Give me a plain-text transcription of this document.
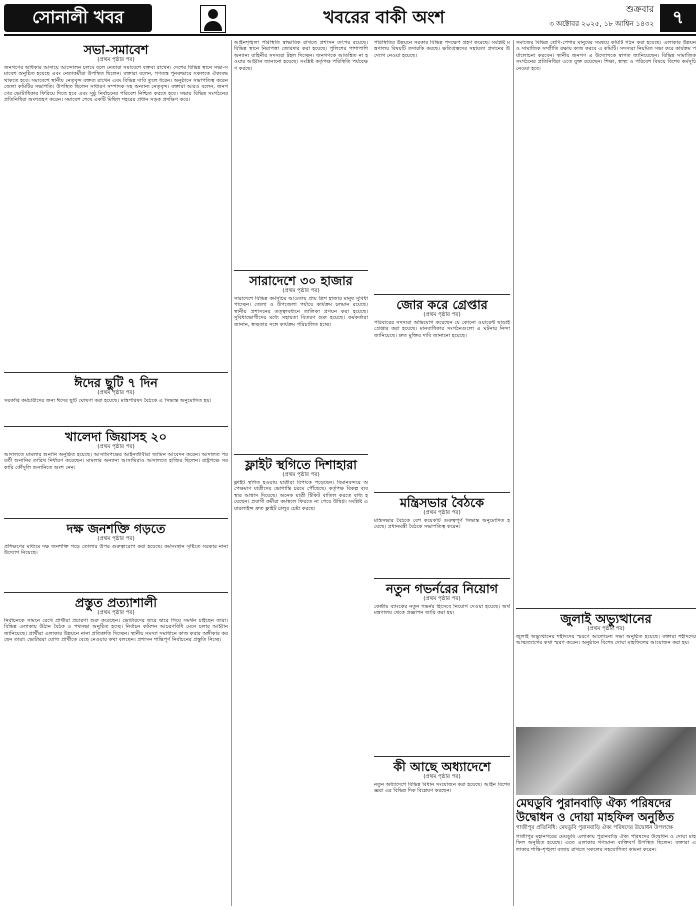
সোনালী খবর	খবরের বাকী অংশ	শুক্রবার
৩ অক্টোবর ২০২৫, ১৮ আশ্বিন ১৪৩২	৭
সভা-সমাবেশ
(প্রথম পৃষ্ঠার পর)

জনগণের অধিকার আদায়ে আন্দোলন চলবে বলে নেতারা সমাবেশে বক্তব্য রাখেন। দেশের বিভিন্ন স্থানে সভা-সমাবেশ অনুষ্ঠিত হয়েছে এবং নেতাকর্মীরা উপস্থিত ছিলেন। বক্তারা বলেন, গণতন্ত্র পুনরুদ্ধারে সকলকে ঐক্যবদ্ধ থাকতে হবে। সমাবেশে স্থানীয় নেতৃবৃন্দ বক্তব্য রাখেন এবং বিভিন্ন দাবি তুলে ধরেন। অনুষ্ঠানে সভাপতিত্ব করেন জেলা কমিটির সভাপতি। উপস্থিত ছিলেন সাধারণ সম্পাদক সহ অন্যান্য নেতৃবৃন্দ। বক্তারা আরও বলেন, জনগণের ভোটাধিকার ফিরিয়ে দিতে হবে এবং সুষ্ঠু নির্বাচনের পরিবেশ নিশ্চিত করতে হবে। সভায় বিভিন্ন সংগঠনের প্রতিনিধিরা অংশগ্রহণ করেন। সমাবেশ শেষে একটি মিছিল শহরের প্রধান সড়ক প্রদক্ষিণ করে।

ঈদের ছুটি ৭ দিন
(প্রথম পৃষ্ঠার পর)

সরকারি কর্মচারীদের জন্য ঈদের ছুটি ঘোষণা করা হয়েছে। মন্ত্রিপরিষদ বৈঠকে এ সিদ্ধান্ত অনুমোদিত হয়।

খালেদা জিয়াসহ ২০
(প্রথম পৃষ্ঠার পর)

আদালতে মামলার শুনানি অনুষ্ঠিত হয়েছে। আসামিপক্ষের আইনজীবীরা জামিন আবেদন করেন। আদালত পরবর্তী শুনানির তারিখ নির্ধারণ করেছেন। মামলার অন্যান্য আসামিরাও আদালতে হাজির ছিলেন। রাষ্ট্রপক্ষে সরকারি কৌঁসুলি শুনানিতে অংশ নেন।

দক্ষ জনশক্তি গড়তে
(প্রথম পৃষ্ঠার পর)

প্রশিক্ষণের মাধ্যমে দক্ষ জনশক্তি গড়ে তোলার উপর গুরুত্বারোপ করা হয়েছে। কর্মসংস্থান সৃষ্টিতে সরকার নানা উদ্যোগ নিয়েছে।

প্রস্তুত প্রত্যাশালী
(প্রথম পৃষ্ঠার পর)

নির্বাচনকে সামনে রেখে প্রার্থীরা প্রচারণা শুরু করেছেন। ভোটারদের দ্বারে দ্বারে গিয়ে সমর্থন চাইছেন তারা। বিভিন্ন এলাকায় উঠান বৈঠক ও পথসভা অনুষ্ঠিত হচ্ছে। নির্বাচন কমিশন আচরণবিধি মেনে চলার আহ্বান জানিয়েছে। প্রার্থীরা এলাকার উন্নয়নে নানা প্রতিশ্রুতি দিচ্ছেন। স্থানীয় সমস্যা সমাধানে কাজ করার অঙ্গীকার করছেন তারা। ভোটাররা যোগ্য প্রার্থীকে বেছে নেওয়ার কথা বলছেন। প্রশাসন শান্তিপূর্ণ নির্বাচনের প্রস্তুতি নিচ্ছে।

আইনশৃঙ্খলা পরিস্থিতি স্বাভাবিক রাখতে প্রশাসন তৎপর রয়েছে। বিভিন্ন স্থানে নিরাপত্তা জোরদার করা হয়েছে। পুলিশের পাশাপাশি অন্যান্য বাহিনীর সদস্যরা টহল দিচ্ছেন। জনগণকে আতঙ্কিত না হওয়ার আহ্বান জানানো হয়েছে। সংশ্লিষ্ট কর্তৃপক্ষ পরিস্থিতি পর্যবেক্ষণ করছে।

সারাদেশে ৩০ হাজার
(প্রথম পৃষ্ঠার পর)

সারাদেশে বিভিন্ন কর্মসূচির আওতায় প্রায় ত্রিশ হাজার মানুষ সুবিধা পাচ্ছেন। জেলা ও উপজেলা পর্যায়ে কার্যক্রম চলমান রয়েছে। স্থানীয় প্রশাসনের তত্ত্বাবধানে তালিকা প্রণয়ন করা হয়েছে। সুবিধাভোগীদের মধ্যে সহায়তা বিতরণ শুরু হয়েছে। কর্মকর্তারা জানান, স্বচ্ছতার সঙ্গে কার্যক্রম পরিচালিত হচ্ছে।

ফ্লাইট স্থগিতে দিশাহারা
(প্রথম পৃষ্ঠার পর)

ফ্লাইট স্থগিত হওয়ায় যাত্রীরা বিপাকে পড়েছেন। বিমানবন্দরে অপেক্ষমাণ যাত্রীদের ভোগান্তি চরমে পৌঁছেছে। কর্তৃপক্ষ বিকল্প ব্যবস্থার আশ্বাস দিয়েছে। অনেক যাত্রী টিকিট বাতিল করতে বাধ্য হয়েছেন। প্রবাসী কর্মীরা কর্মস্থলে ফিরতে না পেরে উদ্বিগ্ন। সংশ্লিষ্ট এয়ারলাইন্স দ্রুত ফ্লাইট চালুর চেষ্টা করছে।

পরিস্থিতির উন্নয়নে সরকার বিভিন্ন পদক্ষেপ গ্রহণ করেছে। সংশ্লিষ্ট মন্ত্রণালয় বিষয়টি তদারকি করছে। ক্ষতিগ্রস্তদের সহায়তা প্রদানের উদ্যোগ নেওয়া হয়েছে।

জোর করে গ্রেপ্তার
(প্রথম পৃষ্ঠার পর)

পরিবারের সদস্যরা অভিযোগ করেছেন যে কোনো ওয়ারেন্ট ছাড়াই গ্রেপ্তার করা হয়েছে। মানবাধিকার সংগঠনগুলো এ ঘটনার নিন্দা জানিয়েছে। দ্রুত মুক্তির দাবি জানানো হয়েছে।

মন্ত্রিসভার বৈঠকে
(প্রথম পৃষ্ঠার পর)

মন্ত্রিসভার বৈঠকে বেশ কয়েকটি গুরুত্বপূর্ণ সিদ্ধান্ত অনুমোদিত হয়েছে। প্রধানমন্ত্রী বৈঠকে সভাপতিত্ব করেন।

নতুন গভর্নরের নিয়োগ
(প্রথম পৃষ্ঠার পর)

কেন্দ্রীয় ব্যাংকের নতুন গভর্নর হিসেবে নিয়োগ দেওয়া হয়েছে। অর্থ মন্ত্রণালয় থেকে প্রজ্ঞাপন জারি করা হয়।

কী আছে অধ্যাদেশে
(প্রথম পৃষ্ঠার পর)

নতুন অধ্যাদেশে বিভিন্ন বিধান সংযোজন করা হয়েছে। আইন বিশেষজ্ঞরা এর বিভিন্ন দিক বিশ্লেষণ করছেন।

সমাজের বিভিন্ন শ্রেণি-পেশার মানুষের সমন্বয়ে কমিটি গঠন করা হয়েছে। এলাকার উন্নয়ন ও সামাজিক সম্প্রীতি রক্ষায় কাজ করবে এ কমিটি। সদস্যরা নিয়মিত সভা করে কার্যক্রম পর্যালোচনা করবেন। স্থানীয় জনগণ এ উদ্যোগকে স্বাগত জানিয়েছেন। বিভিন্ন সামাজিক সংগঠনের প্রতিনিধিরা এতে যুক্ত রয়েছেন। শিক্ষা, স্বাস্থ্য ও পরিবেশ বিষয়ে বিশেষ কর্মসূচি নেওয়া হবে।

জুলাই অভ্যুত্থানের
(প্রথম পৃষ্ঠার পর)

জুলাই অভ্যুত্থানের শহীদদের স্মরণে আলোচনা সভা অনুষ্ঠিত হয়েছে। বক্তারা শহীদদের আত্মত্যাগের কথা স্মরণ করেন। অনুষ্ঠানে বিশেষ দোয়া মাহফিলের আয়োজন করা হয়।

মেঘডুবি পুরানবাড়ি ঐক্য পরিষদের উদ্বোধন ও দোয়া মাহফিল অনুষ্ঠিত
গাজীপুর প্রতিনিধি: মেঘডুবি পুরানবাড়ি ঐক্য পরিষদের উদ্বোধন উপলক্ষে

গাজীপুর মহানগরের মেঘডুবি এলাকায় পুরানবাড়ি ঐক্য পরিষদের উদ্বোধন ও দোয়া মাহফিল অনুষ্ঠিত হয়েছে। এতে এলাকার গণ্যমান্য ব্যক্তিবর্গ উপস্থিত ছিলেন। বক্তারা এলাকার শান্তি-শৃঙ্খলা বজায় রাখতে সকলের সহযোগিতা কামনা করেন।
